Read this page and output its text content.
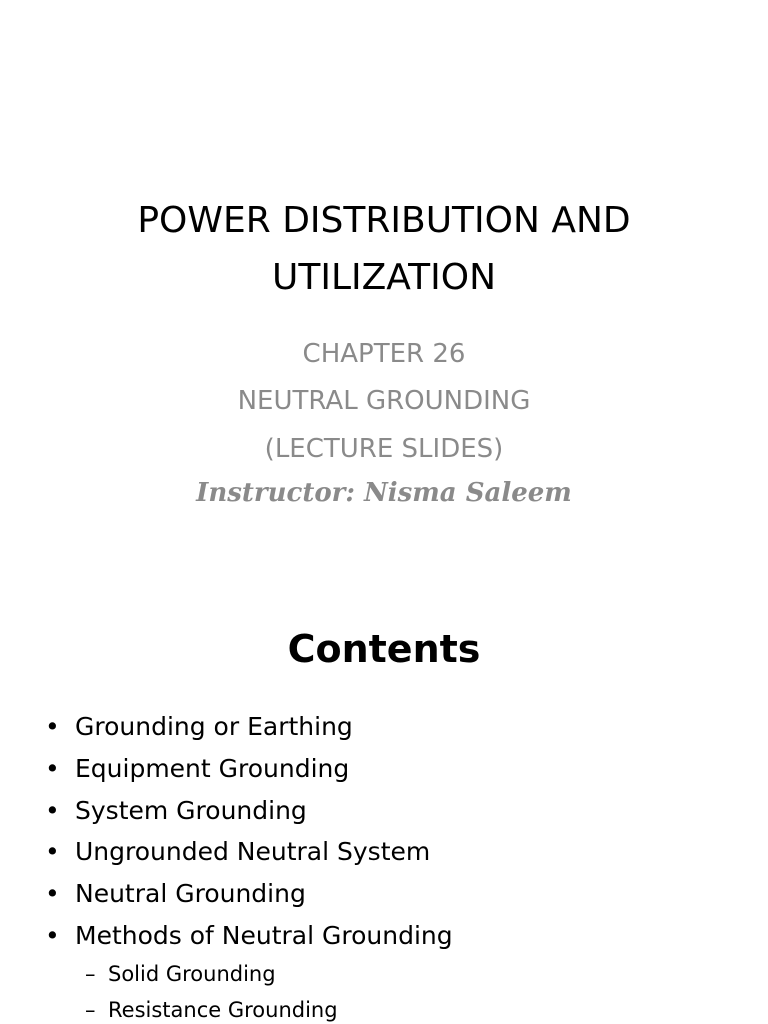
POWER DISTRIBUTION AND
UTILIZATION

CHAPTER 26

NEUTRAL GROUNDING

(LECTURE SLIDES)

Instructor: Nisma Saleem

Contents
• Grounding or Earthing
• Equipment Grounding
• System Grounding
• Ungrounded Neutral System
• Neutral Grounding
• Methods of Neutral Grounding
– Solid Grounding
– Resistance Grounding
